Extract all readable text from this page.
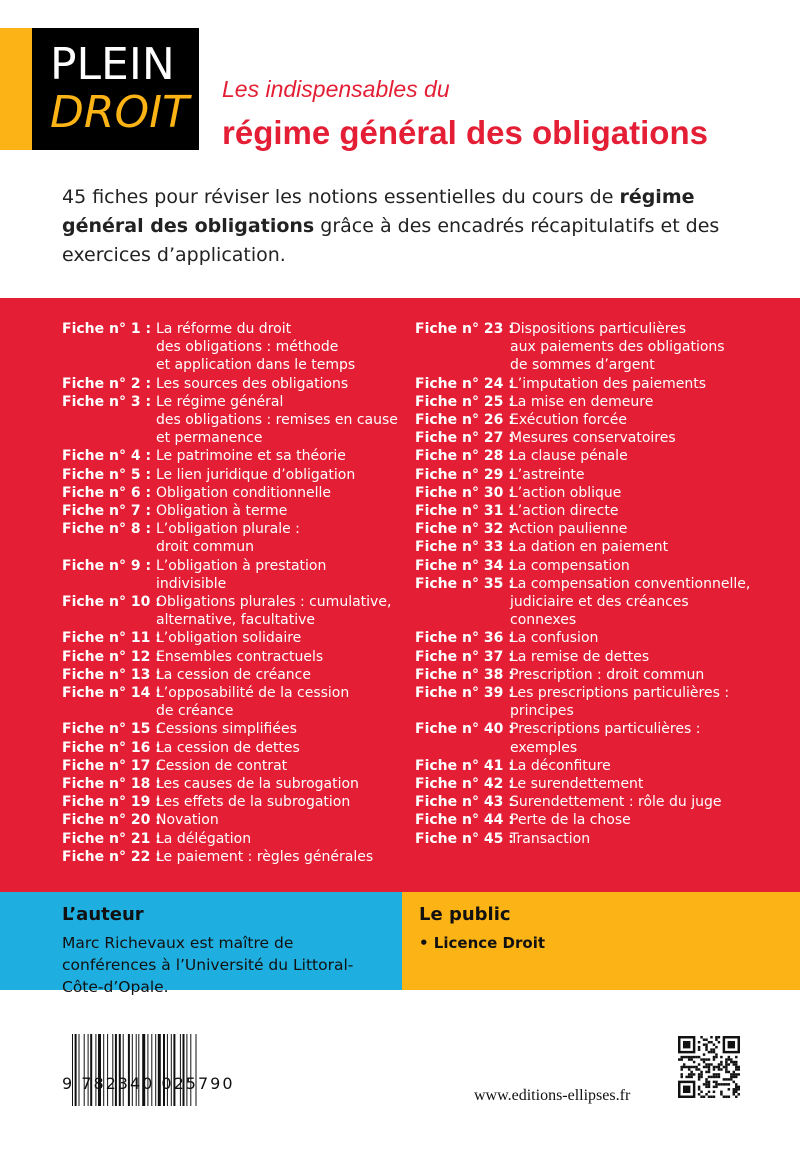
PLEIN
DROIT Les indispensables du
régime général des obligations
45 fiches pour réviser les notions essentielles du cours de régime général des obligations grâce à des encadrés récapitulatifs et des exercices d’application.
Fiche n° 1 : La réforme du droit
des obligations : méthode
et application dans le temps
Fiche n° 2 : Les sources des obligations
Fiche n° 3 : Le régime général
des obligations : remises en cause
et permanence
Fiche n° 4 : Le patrimoine et sa théorie
Fiche n° 5 : Le lien juridique d’obligation
Fiche n° 6 : Obligation conditionnelle
Fiche n° 7 : Obligation à terme
Fiche n° 8 : L’obligation plurale :
droit commun
Fiche n° 9 : L’obligation à prestation
indivisible
Fiche n° 10 :
Obligations plurales : cumulative,
alternative, facultative
Fiche n° 11 :
L’obligation solidaire
Fiche n° 12 :
Ensembles contractuels
Fiche n° 13 :
La cession de créance
Fiche n° 14 :
L’opposabilité de la cession
de créance
Fiche n° 15 :
Cessions simplifiées
Fiche n° 16 :
La cession de dettes
Fiche n° 17 :
Cession de contrat
Fiche n° 18 :
Les causes de la subrogation
Fiche n° 19 :
Les effets de la subrogation
Fiche n° 20 :
Novation
Fiche n° 21 :
La délégation
Fiche n° 22 :
Le paiement : règles générales
Fiche n° 23 :
Dispositions particulières
aux paiements des obligations
de sommes d’argent
Fiche n° 24 :
L’imputation des paiements
Fiche n° 25 :
La mise en demeure
Fiche n° 26 :
Exécution forcée
Fiche n° 27 :
Mesures conservatoires
Fiche n° 28 :
La clause pénale
Fiche n° 29 :
L’astreinte
Fiche n° 30 :
L’action oblique
Fiche n° 31 :
L’action directe
Fiche n° 32 :
Action paulienne
Fiche n° 33 :
La dation en paiement
Fiche n° 34 :
La compensation
Fiche n° 35 :
La compensation conventionnelle,
judiciaire et des créances
connexes
Fiche n° 36 :
La confusion
Fiche n° 37 :
La remise de dettes
Fiche n° 38 :
Prescription : droit commun
Fiche n° 39 :
Les prescriptions particulières :
principes
Fiche n° 40 :
Prescriptions particulières :
exemples
Fiche n° 41 :
La déconfiture
Fiche n° 42 :
Le surendettement
Fiche n° 43 :
Surendettement : rôle du juge
Fiche n° 44 :
Perte de la chose
Fiche n° 45 :
Transaction
L’auteur
Marc Richevaux est maître de conférences à l’Université du Littoral-Côte-d’Opale.
Le public
• Licence Droit
9 782340 025790
www.editions-ellipses.fr
